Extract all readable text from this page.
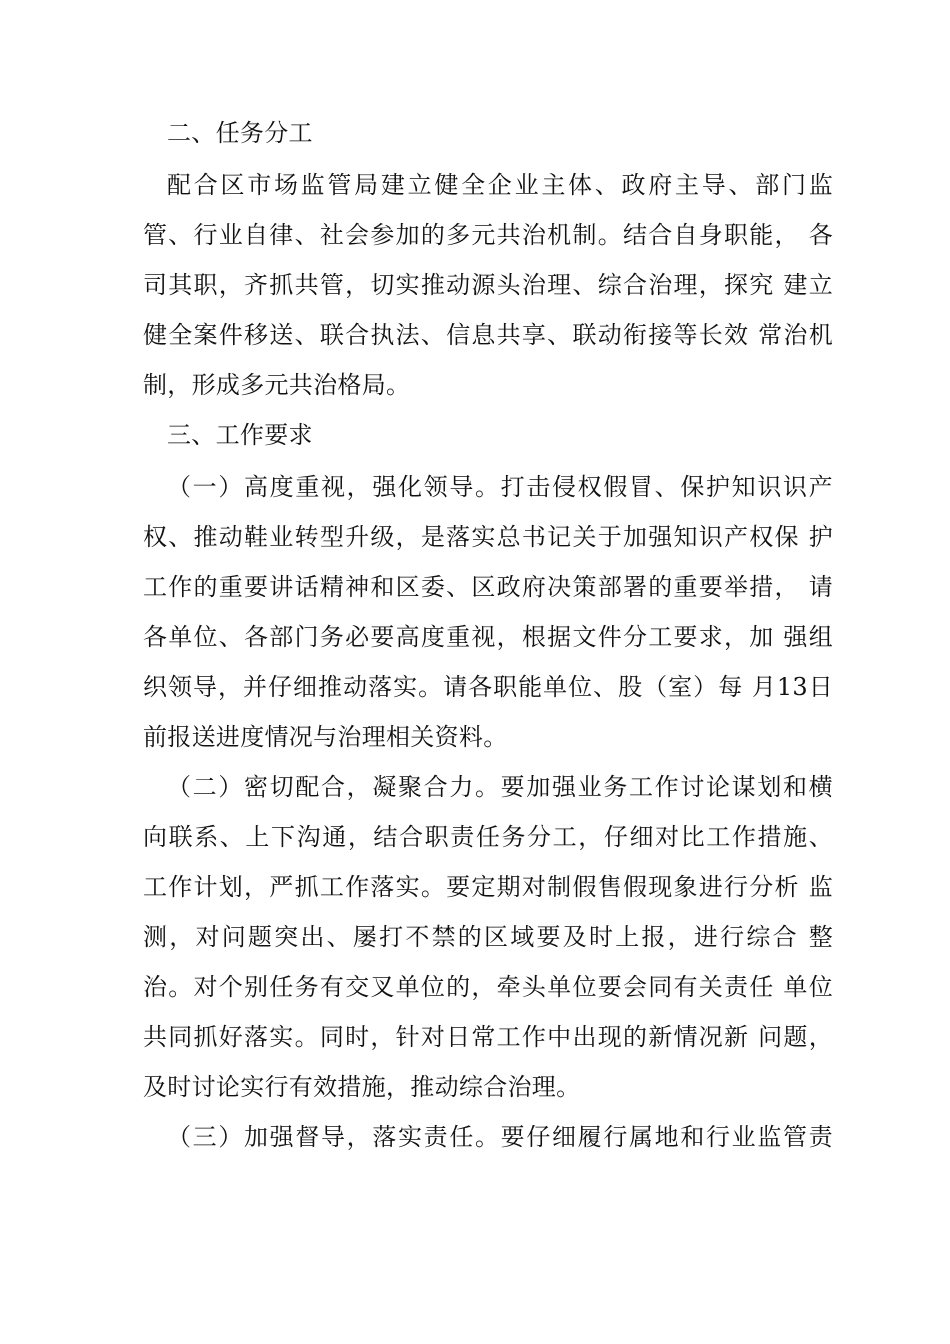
二、任务分工
配合区市场监管局建立健全企业主体、政府主导、部门监
管、行业自律、社会参加的多元共治机制。结合自身职能， 各
司其职，齐抓共管，切实推动源头治理、综合治理，探究 建立
健全案件移送、联合执法、信息共享、联动衔接等长效 常治机
制，形成多元共治格局。
三、工作要求
（一）高度重视，强化领导。打击侵权假冒、保护知识识产
权、推动鞋业转型升级，是落实总书记关于加强知识产权保 护
工作的重要讲话精神和区委、区政府决策部署的重要举措， 请
各单位、各部门务必要高度重视，根据文件分工要求，加 强组
织领导，并仔细推动落实。请各职能单位、股（室）每 月13日
前报送进度情况与治理相关资料。
（二）密切配合，凝聚合力。要加强业务工作讨论谋划和横
向联系、上下沟通，结合职责任务分工，仔细对比工作措施、
工作计划，严抓工作落实。要定期对制假售假现象进行分析 监
测，对问题突出、屡打不禁的区域要及时上报，进行综合 整
治。对个别任务有交叉单位的，牵头单位要会同有关责任 单位
共同抓好落实。同时，针对日常工作中出现的新情况新 问题，
及时讨论实行有效措施，推动综合治理。
（三）加强督导，落实责任。要仔细履行属地和行业监管责
